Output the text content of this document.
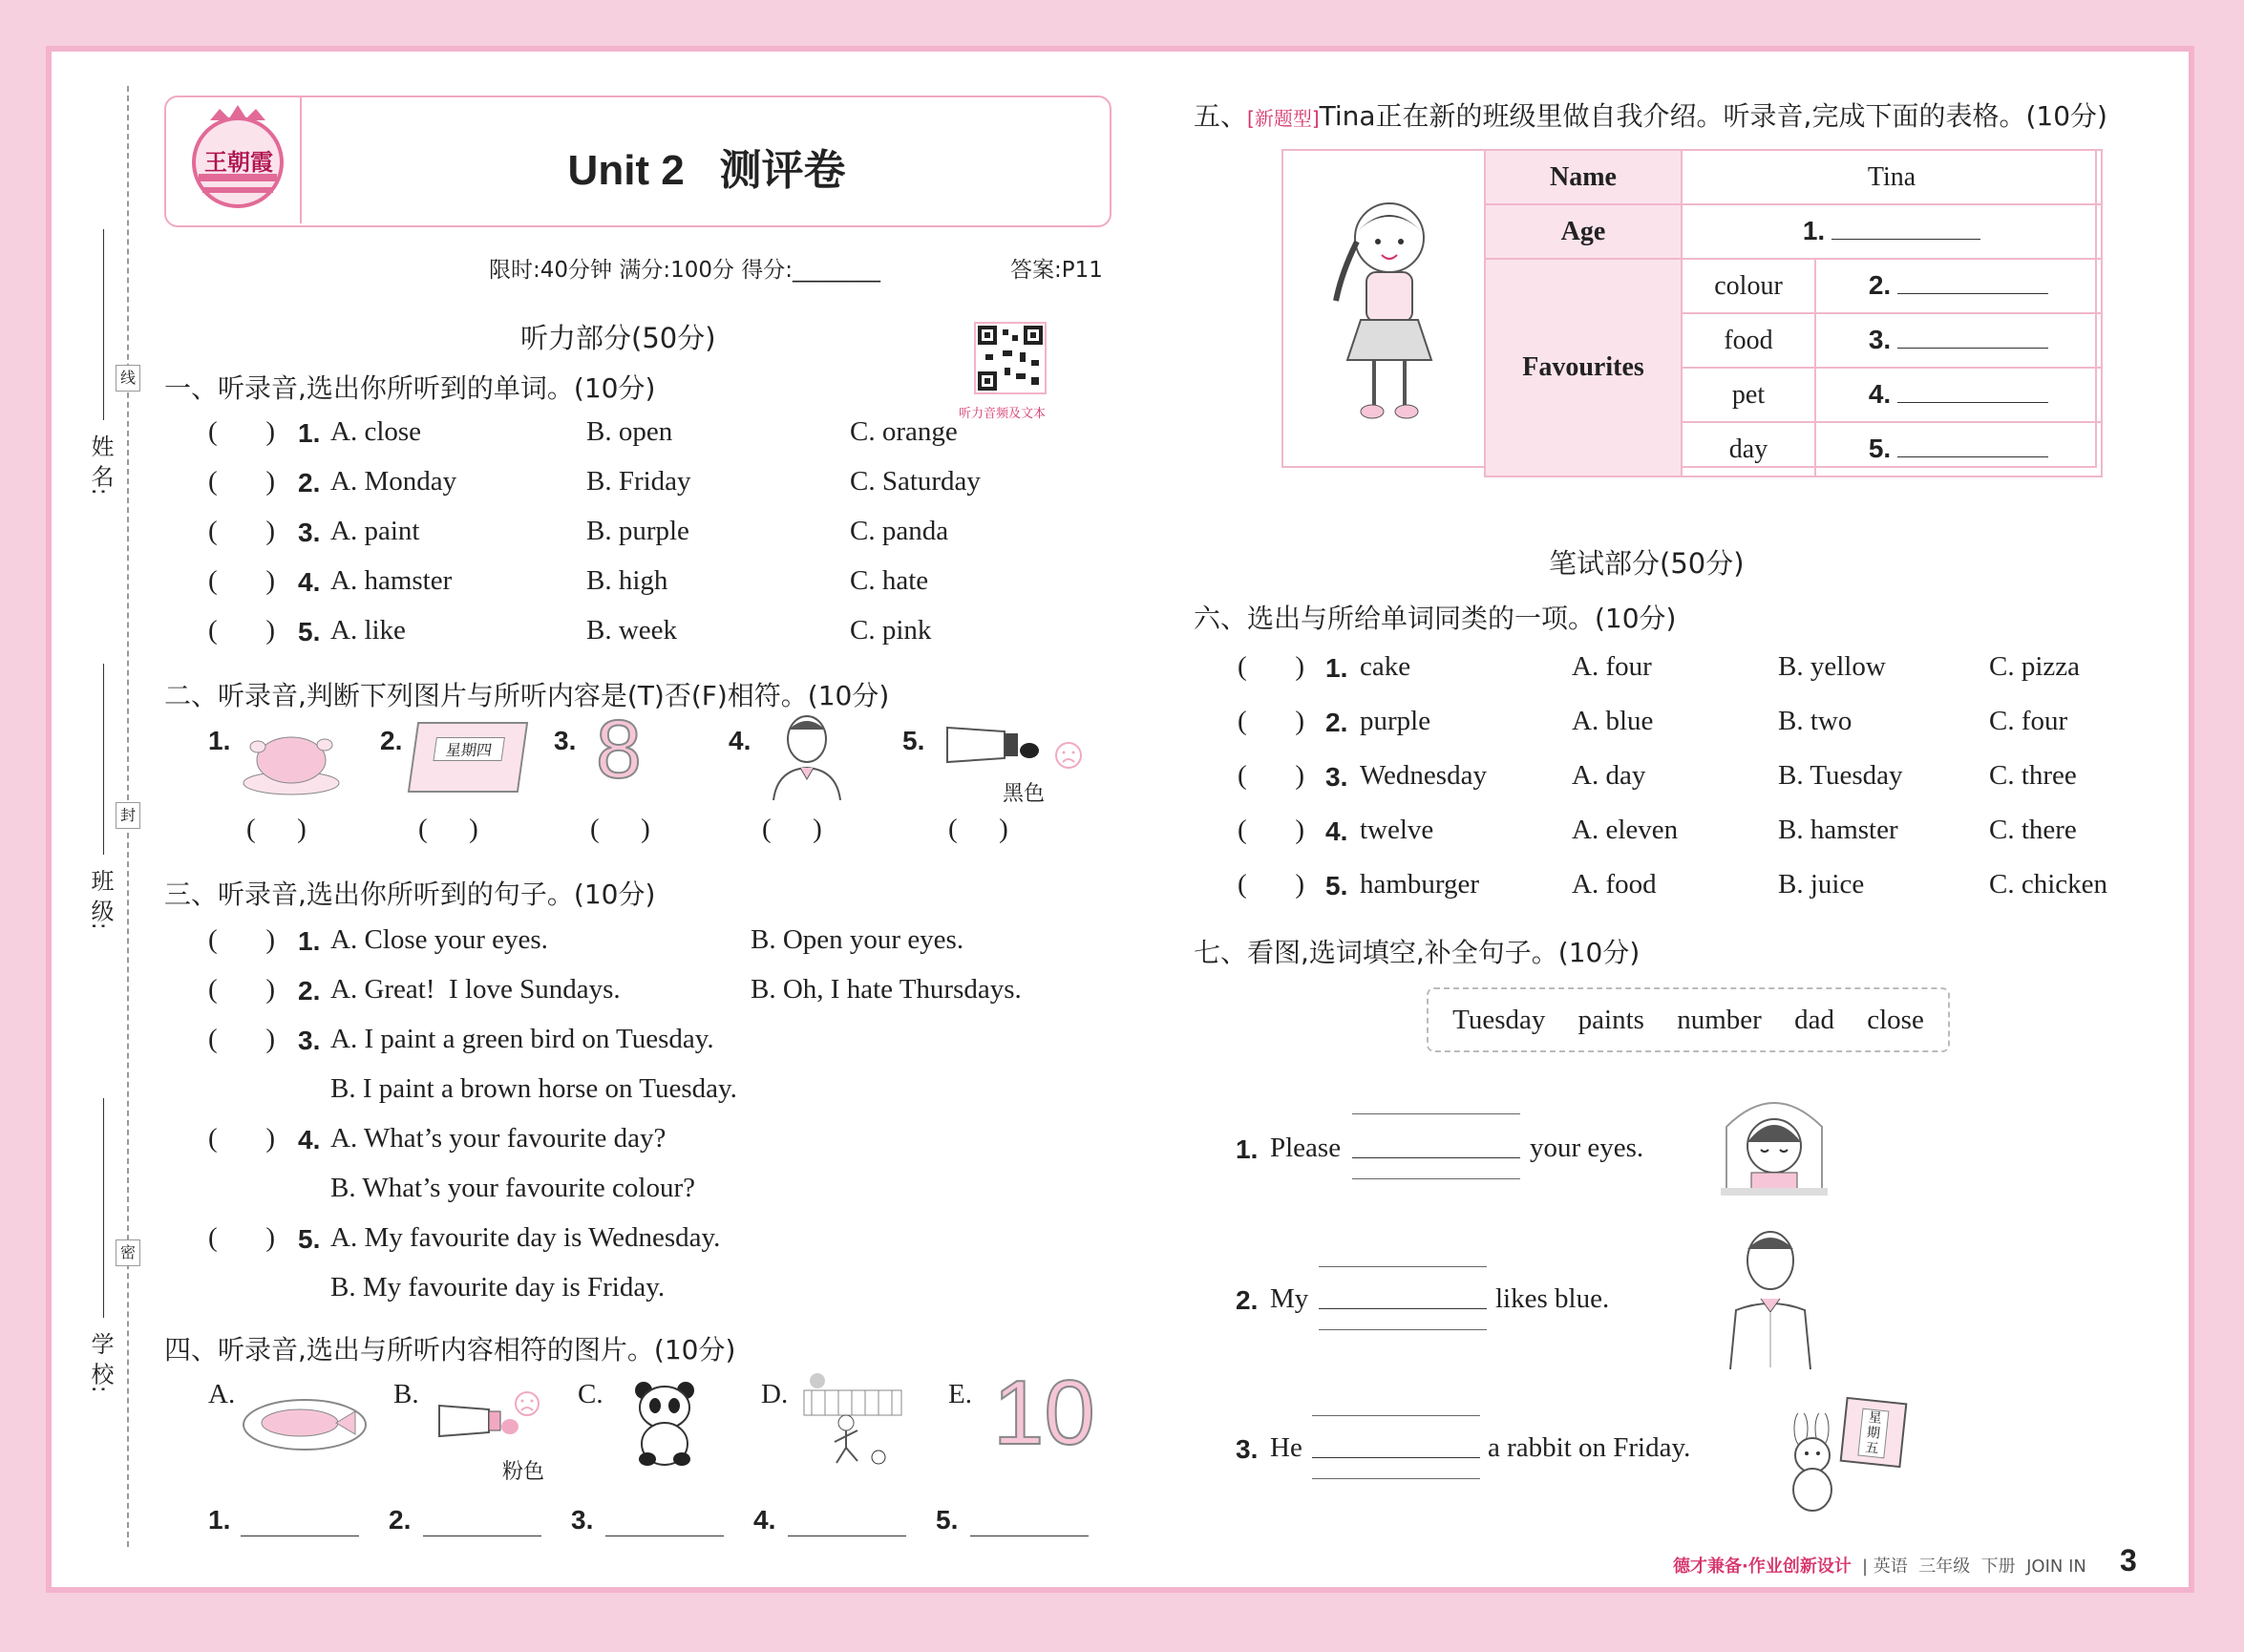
姓 名:
班 级:
学 校:
线
封
密
王朝霞	Unit 2   测评卷
限时:40分钟 满分:100分 得分:________	答案:P11
听力部分(50分)
听力音频及文本
一、听录音,选出你所听到的单词。(10分)
(       ) 1. A. close	B. open	C. orange
(       ) 2. A. Monday	B. Friday	C. Saturday
(       ) 3. A. paint	B. purple	C. panda
(       ) 4. A. hamster	B. high	C. hate
(       ) 5. A. like	B. week	C. pink
二、听录音,判断下列图片与所听内容是(T)否(F)相符。(10分)
1.	2.	星期四	3. 8	4.	5.
黑色
(      )	(      )	(      )	(      )	(      )
三、听录音,选出你所听到的句子。(10分)
(       ) 1. A. Close your eyes.	B. Open your eyes.
(       ) 2. A. Great!  I love Sundays.	B. Oh, I hate Thursdays.
(       ) 3. A. I paint a green bird on Tuesday.
B. I paint a brown horse on Tuesday.
(       ) 4. A. What’s your favourite day?
B. What’s your favourite colour?
(       ) 5. A. My favourite day is Wednesday.
B. My favourite day is Friday.
四、听录音,选出与所听内容相符的图片。(10分)
A.	B.
粉色
C.	D.	E. 10
1.	2.	3.	4.	5.
五、[新题型]Tina正在新的班级里做自我介绍。听录音,完成下面的表格。(10分)
Name	Tina	
Age	1.	
Favourites	colour	2.
	food	3.
	pet	4.
	day	5.
笔试部分(50分)
六、选出与所给单词同类的一项。(10分)
(       ) 1. cake	A. four	B. yellow	C. pizza
(       ) 2. purple	A. blue	B. two	C. four
(       ) 3. Wednesday	A. day	B. Tuesday	C. three
(       ) 4. twelve	A. eleven	B. hamster	C. there
(       ) 5. hamburger	A. food	B. juice	C. chicken
七、看图,选词填空,补全句子。(10分)
Tuesday paints number dad close
1. Please	your eyes.
2. My	likes blue.
3. He	a rabbit on Friday.
星期五
德才兼备·作业创新设计 | 英语  三年级  下册  JOIN IN 3
